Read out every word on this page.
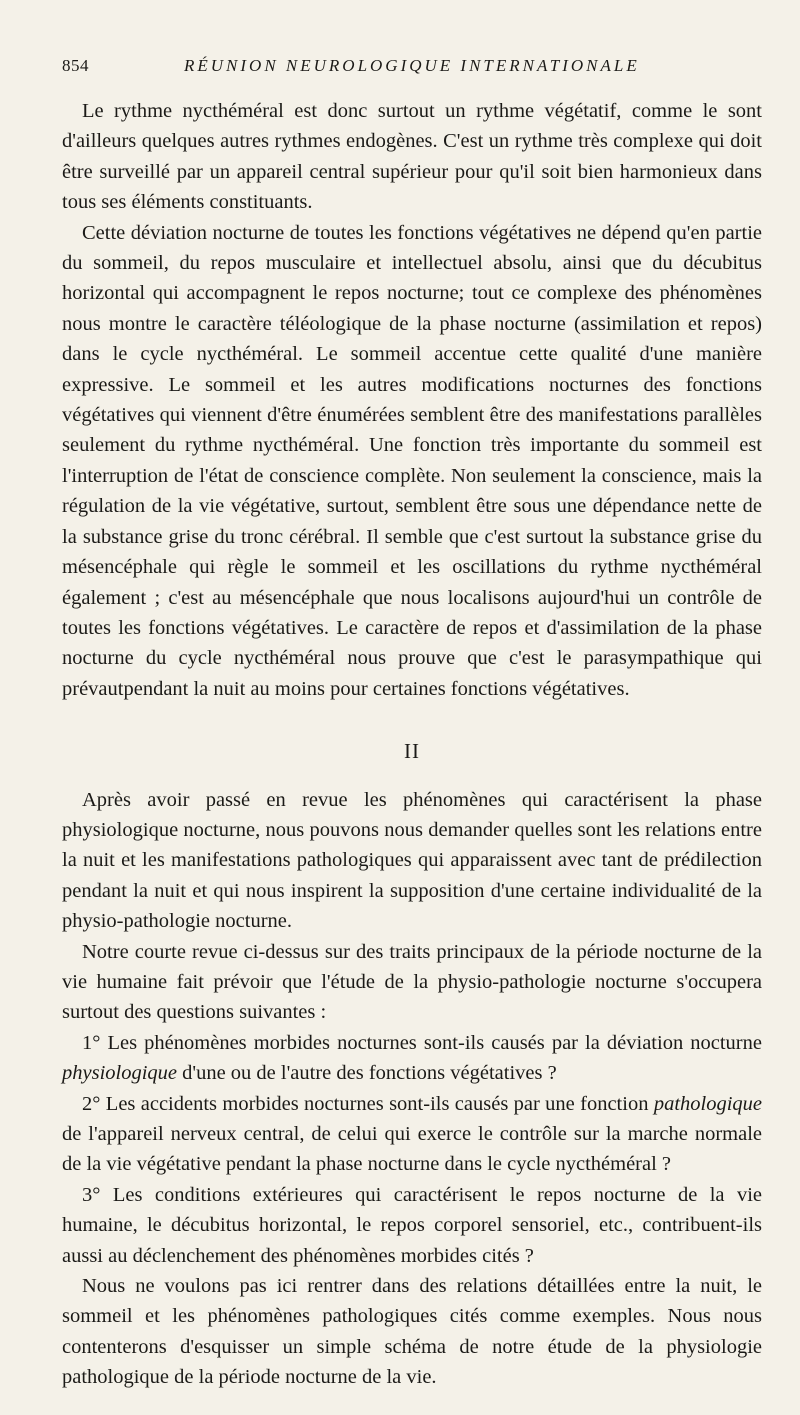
854	RÉUNION NEUROLOGIQUE INTERNATIONALE

Le rythme nycthéméral est donc surtout un rythme végétatif, comme le sont d'ailleurs quelques autres rythmes endogènes. C'est un rythme très complexe qui doit être surveillé par un appareil central supérieur pour qu'il soit bien harmonieux dans tous ses éléments constituants.

Cette déviation nocturne de toutes les fonctions végétatives ne dépend qu'en partie du sommeil, du repos musculaire et intellectuel absolu, ainsi que du décubitus horizontal qui accompagnent le repos nocturne; tout ce complexe des phénomènes nous montre le caractère téléologique de la phase nocturne (assimilation et repos) dans le cycle nycthéméral. Le sommeil accentue cette qualité d'une manière expressive. Le sommeil et les autres modifications nocturnes des fonctions végétatives qui viennent d'être énumérées semblent être des manifestations parallèles seulement du rythme nycthéméral. Une fonction très importante du sommeil est l'interruption de l'état de conscience complète. Non seulement la conscience, mais la régulation de la vie végétative, surtout, semblent être sous une dépendance nette de la substance grise du tronc cérébral. Il semble que c'est surtout la substance grise du mésencéphale qui règle le sommeil et les oscillations du rythme nycthéméral également ; c'est au mésencéphale que nous localisons aujourd'hui un contrôle de toutes les fonctions végétatives. Le caractère de repos et d'assimilation de la phase nocturne du cycle nycthéméral nous prouve que c'est le parasympathique qui prévautpendant la nuit au moins pour certaines fonctions végétatives.

II

Après avoir passé en revue les phénomènes qui caractérisent la phase physiologique nocturne, nous pouvons nous demander quelles sont les relations entre la nuit et les manifestations pathologiques qui apparaissent avec tant de prédilection pendant la nuit et qui nous inspirent la supposition d'une certaine individualité de la physio-pathologie nocturne.

Notre courte revue ci-dessus sur des traits principaux de la période nocturne de la vie humaine fait prévoir que l'étude de la physio-pathologie nocturne s'occupera surtout des questions suivantes :

1° Les phénomènes morbides nocturnes sont-ils causés par la déviation nocturne physiologique d'une ou de l'autre des fonctions végétatives ?

2° Les accidents morbides nocturnes sont-ils causés par une fonction pathologique de l'appareil nerveux central, de celui qui exerce le contrôle sur la marche normale de la vie végétative pendant la phase nocturne dans le cycle nycthéméral ?

3° Les conditions extérieures qui caractérisent le repos nocturne de la vie humaine, le décubitus horizontal, le repos corporel sensoriel, etc., contribuent-ils aussi au déclenchement des phénomènes morbides cités ?

Nous ne voulons pas ici rentrer dans des relations détaillées entre la nuit, le sommeil et les phénomènes pathologiques cités comme exemples. Nous nous contenterons d'esquisser un simple schéma de notre étude de la physiologie pathologique de la période nocturne de la vie.
